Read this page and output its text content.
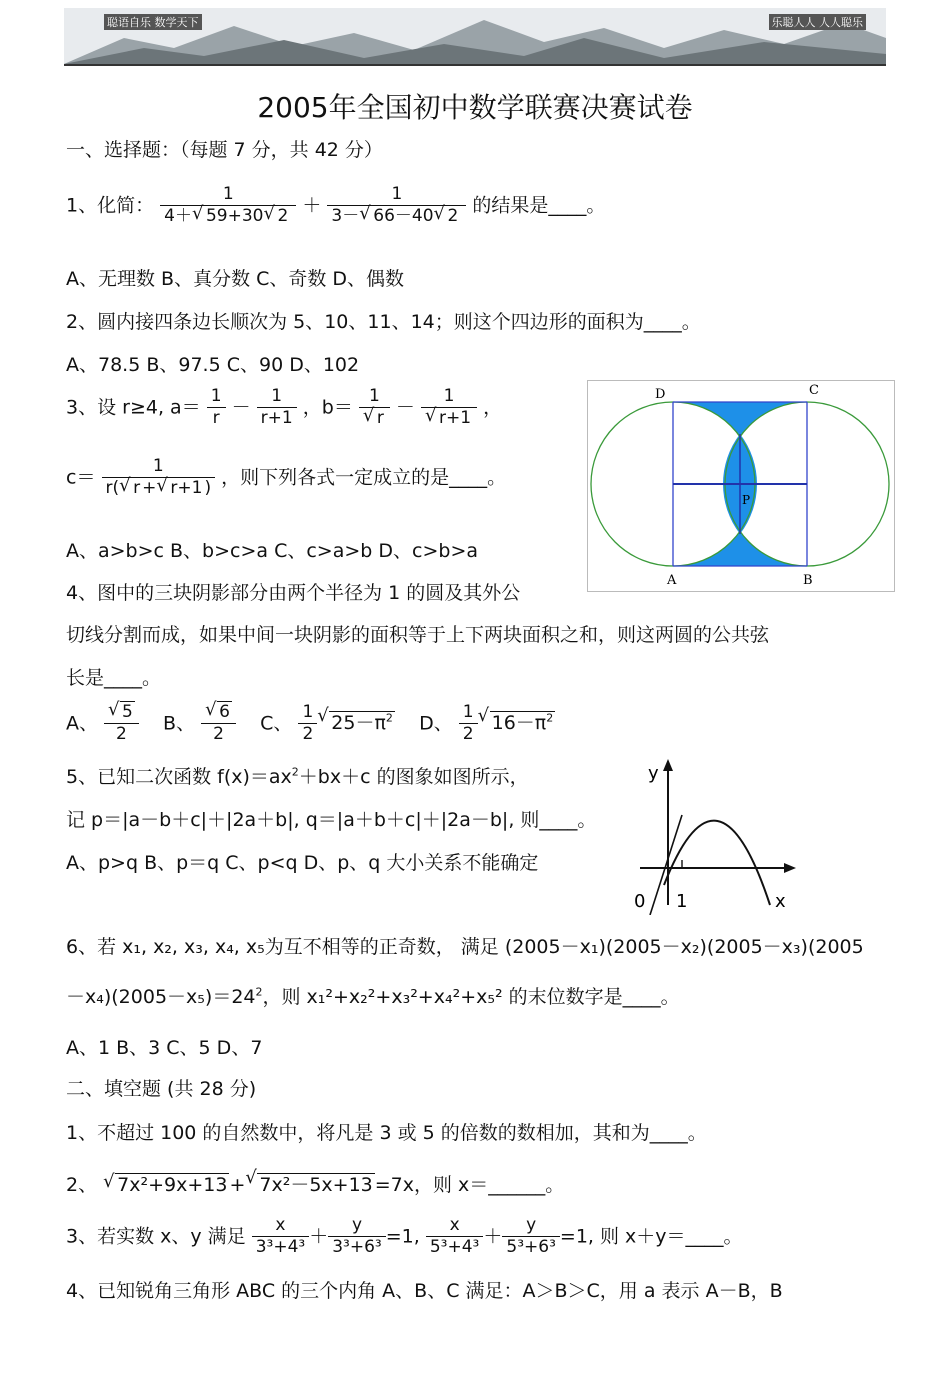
聪语自乐 数学天下	乐聪人人 人人聪乐
2005年全国初中数学联赛决赛试卷
一、选择题：（每题 7 分，共 42 分）
1、化简： $\frac{1}{4+ √ 59+30 √ 2} + \frac{1}{3- √ 66-40 √ 2}$ 的结果是____。
A、无理数 B、真分数 C、奇数 D、偶数
2、圆内接四条边长顺次为 5、10、11、14；则这个四边形的面积为____。
A、78.5 B、97.5 C、90 D、102
3、设 r≥4, $a= \frac{1}{r} - \frac{1}{r+1}$ ，b＝ 1
√ r － 1
√ r+1 ，
$c= \frac{1}{r( √ r + √ r+1 )}$ ，则下列各式一定成立的是____。
A、a>b>c B、b>c>a C、c>a>b D、c>b>a
D	C
A	B
P
4、图中的三块阴影部分由两个半径为 1 的圆及其外公
切线分割而成，如果中间一块阴影的面积等于上下两块面积之和，则这两圆的公共弦
长是____。
A、 √ $\frac{5}{2}$ B、 √ $\frac{6}{2}$ C、 $\frac{1}{2}$ √ $25-\pi^2$ D、 $\frac{1}{2}$ √ $16-\pi^2$
5、已知二次函数 $f(x)=ax^2+bx+c$ 的图象如图所示，
记 p＝|a－b＋c|＋|2a＋b|, q＝|a＋b＋c|＋|2a－b|, 则____。
A、p>q B、p＝q C、p<q D、p、q 大小关系不能确定
y
x
0 1
6、若 x₁, x₂, x₃, x₄, x₅为互不相等的正奇数， 满足 (2005－x₁)(2005－x₂)(2005－x₃)(2005
$-x_4)(2005-x_5)=24^2$，则 x₁²+x₂²+x₃²+x₄²+x₅² 的末位数字是____。
A、1 B、3 C、5 D、7
二、填空题 (共 28 分)
1、不超过 100 的自然数中，将凡是 3 或 5 的倍数的数相加，其和为____。
2、 √ 7x²+9x+13 + √ 7x²－5x+13 =7x，则 x＝______。
3、若实数 x、y 满足 $\frac{x}{\text{3³+4³}} + \frac{y}{\text{3³+6³}} =1$, $\frac{x}{\text{5³+4³}} + \frac{y}{\text{5³+6³}} =1$, 则 x＋y＝____。
4、已知锐角三角形 ABC 的三个内角 A、B、C 满足：A＞B＞C，用 a 表示 A－B，B
